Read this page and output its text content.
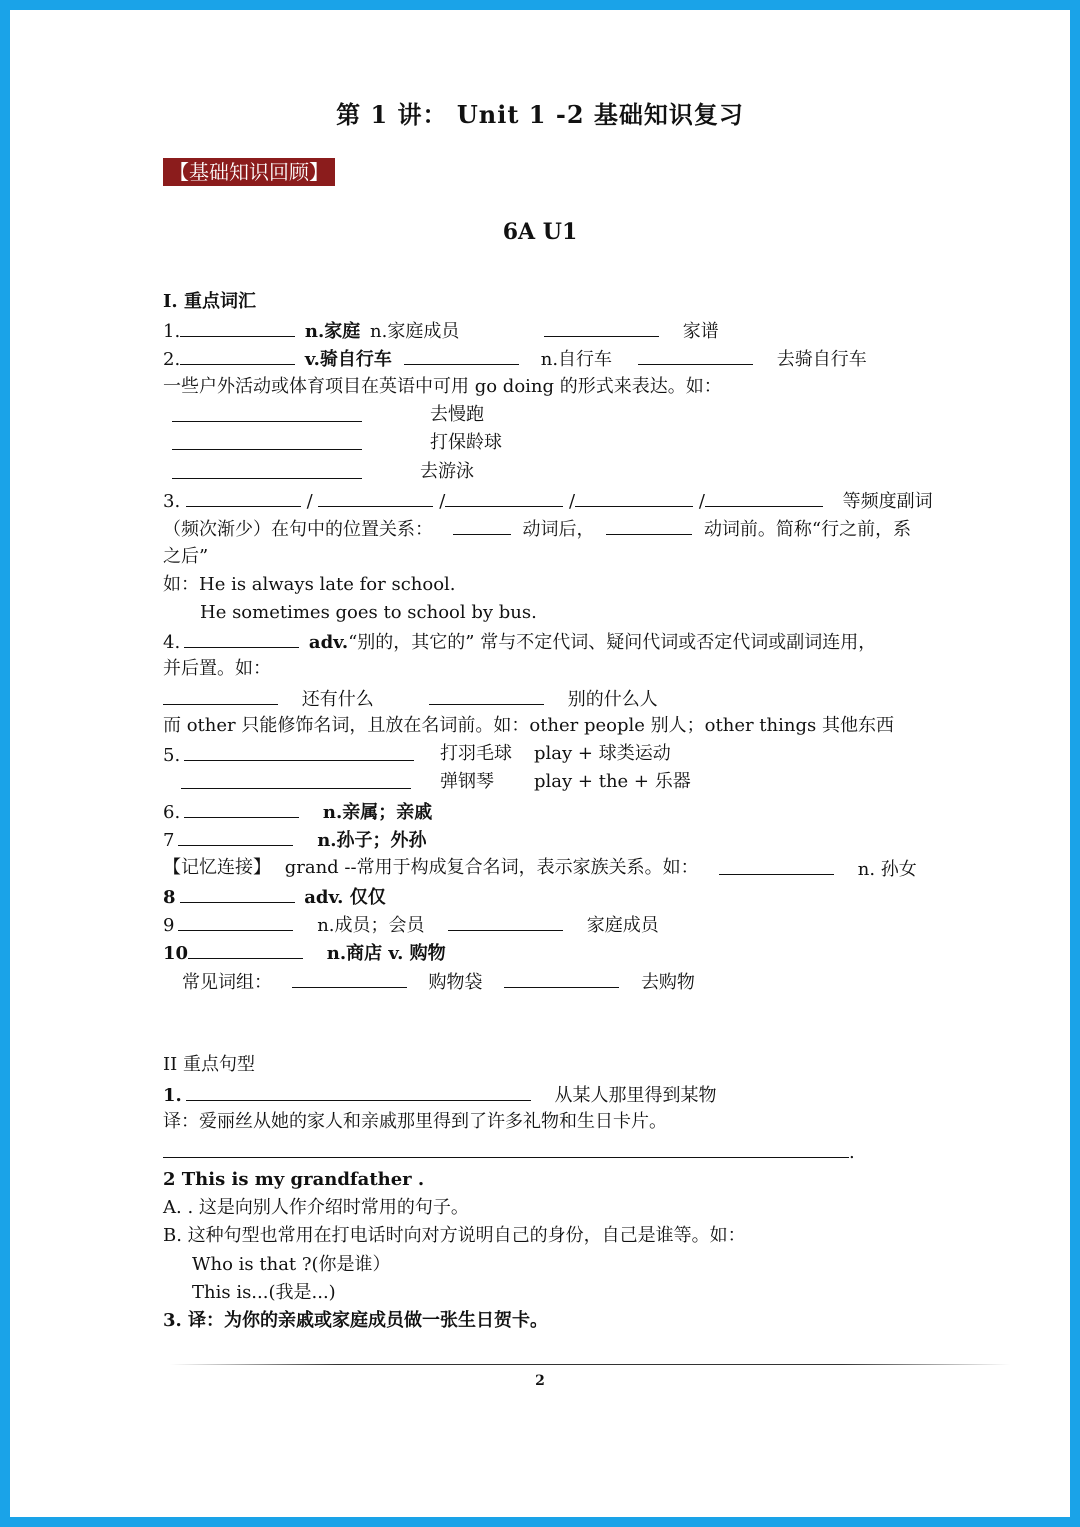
第 1 讲： Unit 1 -2 基础知识复习
【基础知识回顾】
6A U1
I. 重点词汇
1.	n.家庭 n.家庭成员	家谱
2.	v.骑自行车	n.自行车	去骑自行车
一些户外活动或体育项目在英语中可用 go doing 的形式来表达。如：
去慢跑
打保龄球
去游泳
3.	/	/	/	/	等频度副词
（频次渐少）在句中的位置关系：	动词后，	动词前。简称“行之前，系
之后”
如：He is always late for school.
He sometimes goes to school by bus.
4.	adv.“别的，其它的” 常与不定代词、疑问代词或否定代词或副词连用，
并后置。如：
还有什么	别的什么人
而 other 只能修饰名词，且放在名词前。如：other people 别人；other things 其他东西
5.	打羽毛球 play + 球类运动
弹钢琴 play + the + 乐器
6.	n.亲属；亲戚
7	n.孙子；外孙
【记忆连接】 grand --常用于构成复合名词，表示家族关系。如：	n. 孙女
8	adv. 仅仅
9	n.成员；会员	家庭成员
10	n.商店 v. 购物
常见词组：	购物袋	去购物
II 重点句型
1.	从某人那里得到某物
译：爱丽丝从她的家人和亲戚那里得到了许多礼物和生日卡片。
.
2 This is my grandfather .
A. . 这是向别人作介绍时常用的句子。
B. 这种句型也常用在打电话时向对方说明自己的身份，自己是谁等。如：
Who is that ?(你是谁）
This is...(我是...)
3. 译：为你的亲戚或家庭成员做一张生日贺卡。
2
